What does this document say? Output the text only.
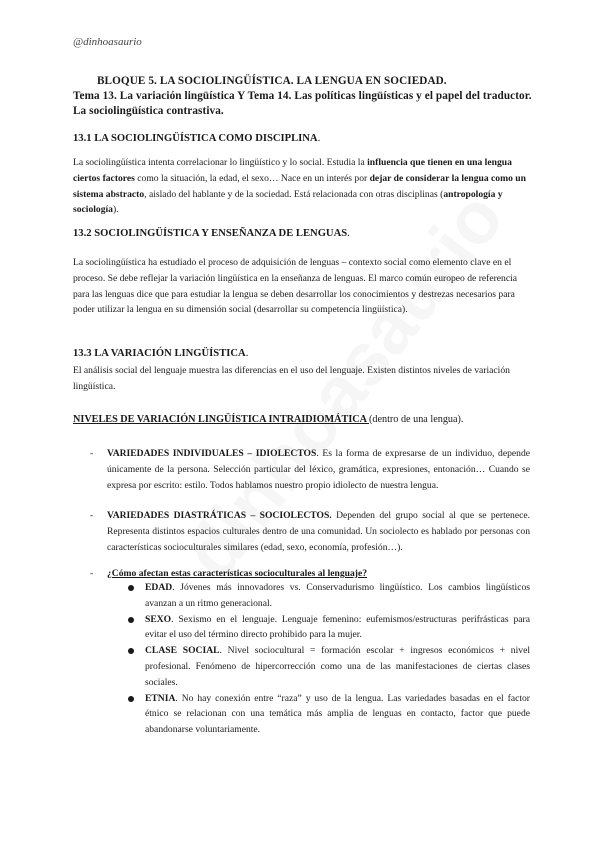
@dinhoasaurio
BLOQUE 5. LA SOCIOLINGÜÍSTICA. LA LENGUA EN SOCIEDAD.
Tema 13. La variación lingüística Y Tema 14. Las políticas lingüísticas y el papel del traductor. La sociolingüística contrastiva.
13.1 LA SOCIOLINGÜÍSTICA COMO DISCIPLINA.
La sociolingüística intenta correlacionar lo lingüístico y lo social. Estudia la influencia que tienen en una lengua ciertos factores como la situación, la edad, el sexo… Nace en un interés por dejar de considerar la lengua como un sistema abstracto, aislado del hablante y de la sociedad. Está relacionada con otras disciplinas (antropología y sociología).
13.2 SOCIOLINGÜÍSTICA Y ENSEÑANZA DE LENGUAS.
La sociolingüística ha estudiado el proceso de adquisición de lenguas – contexto social como elemento clave en el proceso. Se debe reflejar la variación lingüística en la enseñanza de lenguas. El marco común europeo de referencia para las lenguas dice que para estudiar la lengua se deben desarrollar los conocimientos y destrezas necesarios para poder utilizar la lengua en su dimensión social (desarrollar su competencia lingüística).
13.3 LA VARIACIÓN LINGÜÍSTICA.
El análisis social del lenguaje muestra las diferencias en el uso del lenguaje. Existen distintos niveles de variación lingüística.
NIVELES DE VARIACIÓN LINGÜÍSTICA INTRAIDIOMÁTICA (dentro de una lengua).
- VARIEDADES INDIVIDUALES – IDIOLECTOS. Es la forma de expresarse de un individuo, depende únicamente de la persona. Selección particular del léxico, gramática, expresiones, entonación… Cuando se expresa por escrito: estilo. Todos hablamos nuestro propio idiolecto de nuestra lengua.
- VARIEDADES DIASTRÁTICAS – SOCIOLECTOS. Dependen del grupo social al que se pertenece. Representa distintos espacios culturales dentro de una comunidad. Un sociolecto es hablado por personas con características socioculturales similares (edad, sexo, economía, profesión…).
- ¿Cómo afectan estas características socioculturales al lenguaje?
EDAD. Jóvenes más innovadores vs. Conservadurismo lingüístico. Los cambios lingüísticos avanzan a un ritmo generacional.
SEXO. Sexismo en el lenguaje. Lenguaje femenino: eufemismos/estructuras perifrásticas para evitar el uso del término directo prohibido para la mujer.
CLASE SOCIAL. Nivel sociocultural = formación escolar + ingresos económicos + nivel profesional. Fenómeno de hipercorrección como una de las manifestaciones de ciertas clases sociales.
ETNIA. No hay conexión entre “raza” y uso de la lengua. Las variedades basadas en el factor étnico se relacionan con una temática más amplia de lenguas en contacto, factor que puede abandonarse voluntariamente.
